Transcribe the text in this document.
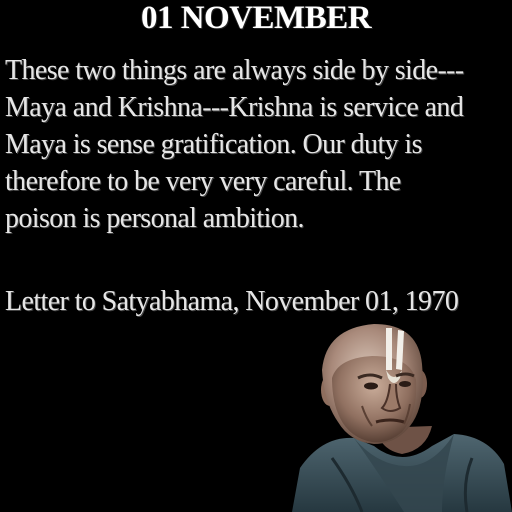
01 NOVEMBER

These two things are always side by side---
Maya and Krishna---Krishna is service and
Maya is sense gratification. Our duty is
therefore to be very very careful. The
poison is personal ambition.

Letter to Satyabhama, November 01, 1970
